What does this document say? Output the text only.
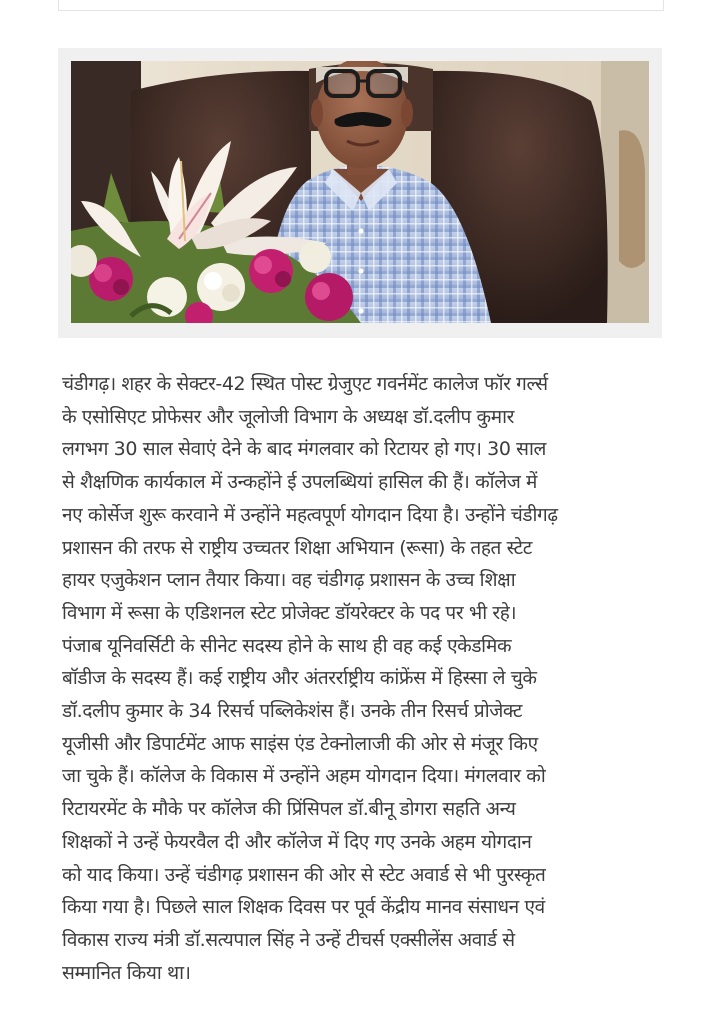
चंडीगढ़। शहर के सेक्टर-42 स्थित पोस्ट ग्रेजुएट गवर्नमेंट कालेज फॉर गर्ल्स
के एसोसिएट प्रोफेसर और जूलोजी विभाग के अध्यक्ष डॉ.दलीप कुमार
लगभग 30 साल सेवाएं देने के बाद मंगलवार को रिटायर हो गए। 30 साल
से शैक्षणिक कार्यकाल में उन्कहोंने ई उपलब्धियां हासिल की हैं। कॉलेज में
नए कोर्सेज शुरू करवाने में उन्होंने महत्वपूर्ण योगदान दिया है। उन्होंने चंडीगढ़
प्रशासन की तरफ से राष्ट्रीय उच्चतर शिक्षा अभियान (रूसा) के तहत स्टेट
हायर एजुकेशन प्लान तैयार किया। वह चंडीगढ़ प्रशासन के उच्च शिक्षा
विभाग में रूसा के एडिशनल स्टेट प्रोजेक्ट डॉयरेक्टर के पद पर भी रहे।
पंजाब यूनिवर्सिटी के सीनेट सदस्य होने के साथ ही वह कई एकेडमिक
बॉडीज के सदस्य हैं। कई राष्ट्रीय और अंतरर्राष्ट्रीय कांफ्रेंस में हिस्सा ले चुके
डॉ.दलीप कुमार के 34 रिसर्च पब्लिकेशंस हैं। उनके तीन रिसर्च प्रोजेक्ट
यूजीसी और डिपार्टमेंट आफ साइंस एंड टेक्नोलाजी की ओर से मंजूर किए
जा चुके हैं। कॉलेज के विकास में उन्होंने अहम योगदान दिया। मंगलवार को
रिटायरमेंट के मौके पर कॉलेज की प्रिंसिपल डॉ.बीनू डोगरा सहति अन्य
शिक्षकों ने उन्हें फेयरवैल दी और कॉलेज में दिए गए उनके अहम योगदान
को याद किया। उन्हें चंडीगढ़ प्रशासन की ओर से स्टेट अवार्ड से भी पुरस्कृत
किया गया है। पिछले साल शिक्षक दिवस पर पूर्व केंद्रीय मानव संसाधन एवं
विकास राज्य मंत्री डॉ.सत्यपाल सिंह ने उन्हें टीचर्स एक्सीलेंस अवार्ड से
सम्मानित किया था।
